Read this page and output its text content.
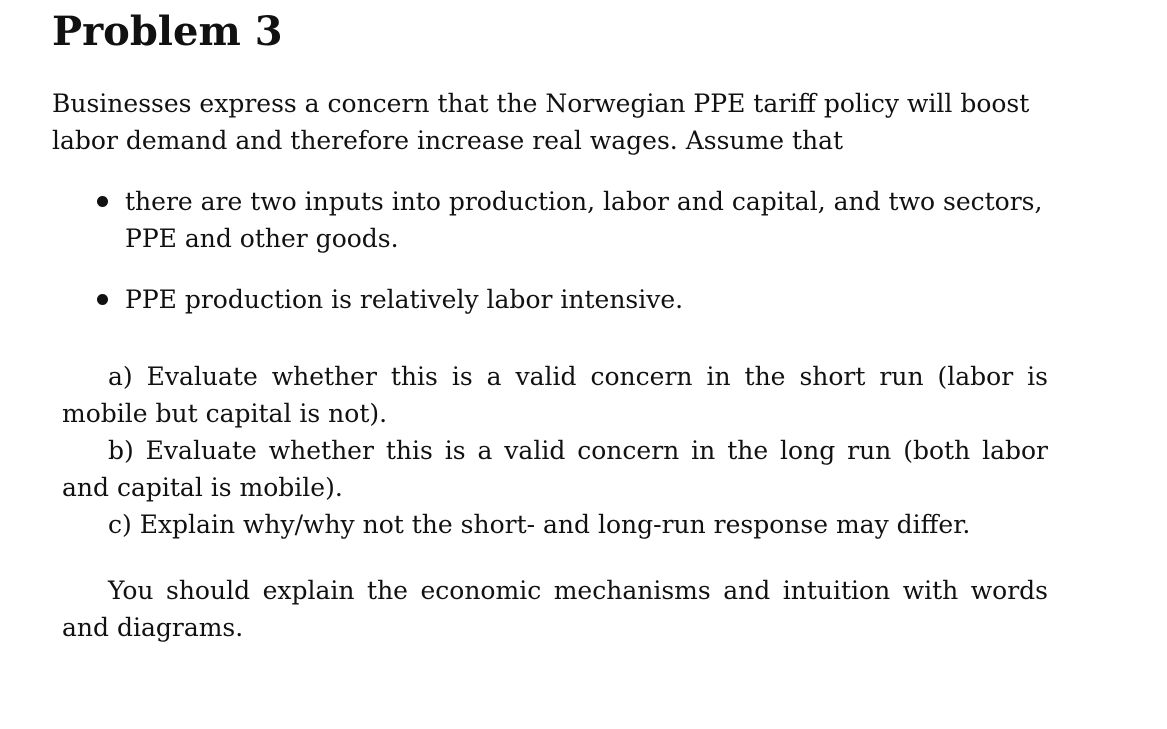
Problem 3

Businesses express a concern that the Norwegian PPE tariff policy will boost labor demand and therefore increase real wages. Assume that

there are two inputs into production, labor and capital, and two sectors, PPE and other goods.
PPE production is relatively labor intensive.

a) Evaluate whether this is a valid concern in the short run (labor is mobile but capital is not).

b) Evaluate whether this is a valid concern in the long run (both labor and capital is mobile).

c) Explain why/why not the short- and long-run response may differ.

You should explain the economic mechanisms and intuition with words and diagrams.
